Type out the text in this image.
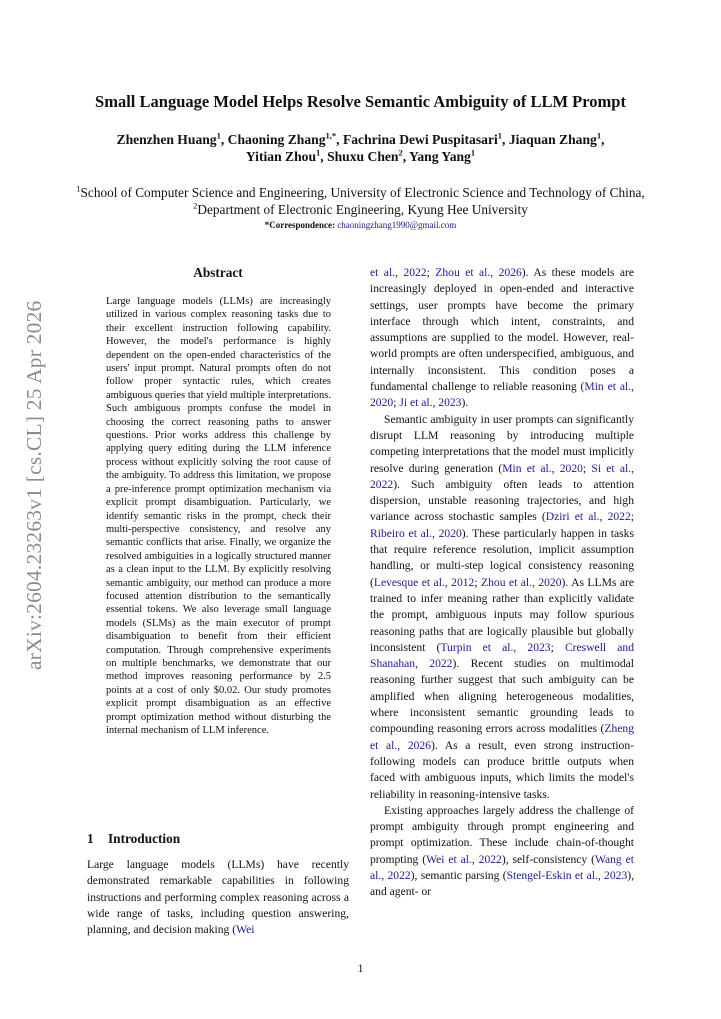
Small Language Model Helps Resolve Semantic Ambiguity of LLM Prompt
Zhenzhen Huang$^1$, Chaoning Zhang$^{1,*}$, Fachrina Dewi Puspitasari$^1$, Jiaquan Zhang$^1$,
Yitian Zhou$^1$, Shuxu Chen$^2$, Yang Yang$^1$
$^1$School of Computer Science and Engineering, University of Electronic Science and Technology of China,
$^2$Department of Electronic Engineering, Kyung Hee University
*Correspondence: chaoningzhang1990@gmail.com
arXiv:2604.23263v1 [cs.CL] 25 Apr 2026
Abstract
Large language models (LLMs) are increasingly utilized in various complex reasoning tasks due to their excellent instruction following capability. However, the model's performance is highly dependent on the open-ended characteristics of the users' input prompt. Natural prompts often do not follow proper syntactic rules, which creates ambiguous queries that yield multiple interpretations. Such ambiguous prompts confuse the model in choosing the correct reasoning paths to answer questions. Prior works address this challenge by applying query editing during the LLM inference process without explicitly solving the root cause of the ambiguity. To address this limitation, we propose a pre-inference prompt optimization mechanism via explicit prompt disambiguation. Particularly, we identify semantic risks in the prompt, check their multi-perspective consistency, and resolve any semantic conflicts that arise. Finally, we organize the resolved ambiguities in a logically structured manner as a clean input to the LLM. By explicitly resolving semantic ambiguity, our method can produce a more focused attention distribution to the semantically essential tokens. We also leverage small language models (SLMs) as the main executor of prompt disambiguation to benefit from their efficient computation. Through comprehensive experiments on multiple benchmarks, we demonstrate that our method improves reasoning performance by 2.5 points at a cost of only $0.02. Our study promotes explicit prompt disambiguation as an effective prompt optimization method without disturbing the internal mechanism of LLM inference.
1 Introduction

Large language models (LLMs) have recently demonstrated remarkable capabilities in following instructions and performing complex reasoning across a wide range of tasks, including question answering, planning, and decision making (Wei

et al., 2022; Zhou et al., 2026). As these models are increasingly deployed in open-ended and interactive settings, user prompts have become the primary interface through which intent, constraints, and assumptions are supplied to the model. However, real-world prompts are often underspecified, ambiguous, and internally inconsistent. This condition poses a fundamental challenge to reliable reasoning (Min et al., 2020; Ji et al., 2023).

Semantic ambiguity in user prompts can significantly disrupt LLM reasoning by introducing multiple competing interpretations that the model must implicitly resolve during generation (Min et al., 2020; Si et al., 2022). Such ambiguity often leads to attention dispersion, unstable reasoning trajectories, and high variance across stochastic samples (Dziri et al., 2022; Ribeiro et al., 2020). These particularly happen in tasks that require reference resolution, implicit assumption handling, or multi-step logical consistency reasoning (Levesque et al., 2012; Zhou et al., 2020). As LLMs are trained to infer meaning rather than explicitly validate the prompt, ambiguous inputs may follow spurious reasoning paths that are logically plausible but globally inconsistent (Turpin et al., 2023; Creswell and Shanahan, 2022). Recent studies on multimodal reasoning further suggest that such ambiguity can be amplified when aligning heterogeneous modalities, where inconsistent semantic grounding leads to compounding reasoning errors across modalities (Zheng et al., 2026). As a result, even strong instruction-following models can produce brittle outputs when faced with ambiguous inputs, which limits the model's reliability in reasoning-intensive tasks.

Existing approaches largely address the challenge of prompt ambiguity through prompt engineering and prompt optimization. These include chain-of-thought prompting (Wei et al., 2022), self-consistency (Wang et al., 2022), semantic parsing (Stengel-Eskin et al., 2023), and agent- or

1
